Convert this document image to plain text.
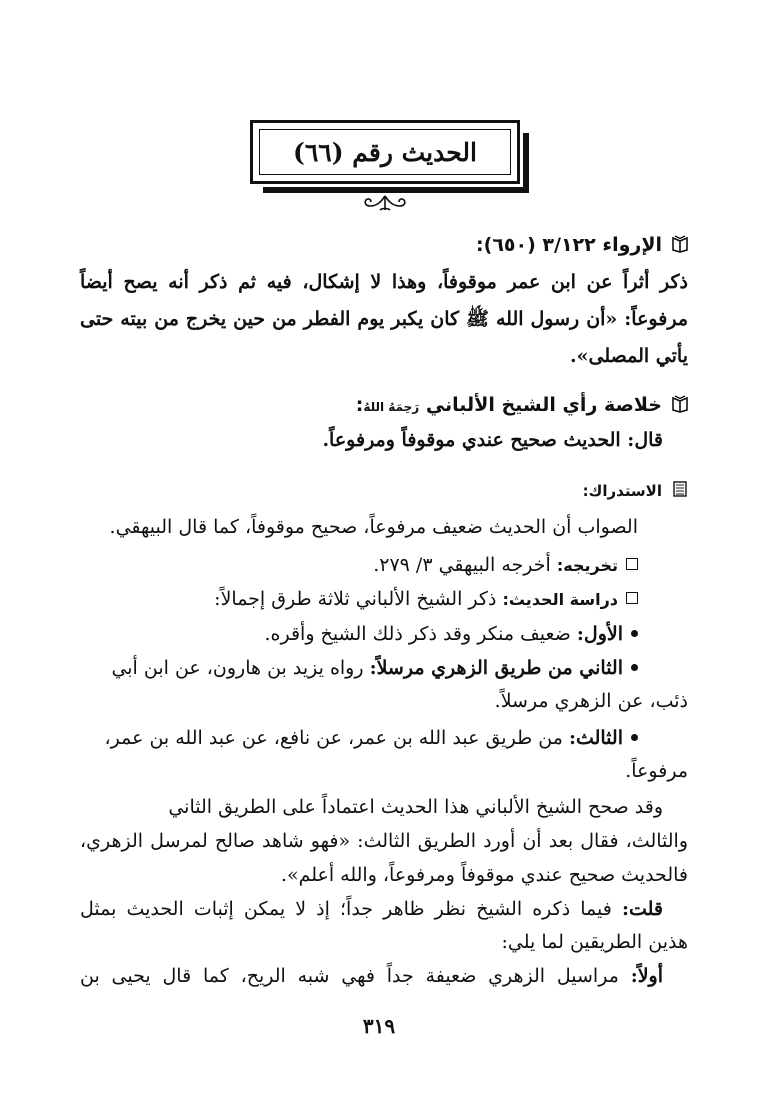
الحديث رقم (٦٦)
الإرواء ٣/١٢٢ (٦٥٠):
ذكر أثراً عن ابن عمر موقوفاً، وهذا لا إشكال، فيه ثم ذكر أنه يصح أيضاً
مرفوعاً: «أن رسول الله ﷺ كان يكبر يوم الفطر من حين يخرج من بيته حتى
يأتي المصلى».
خلاصة رأي الشيخ الألباني رَحِمَهُ اللهُ:
قال: الحديث صحيح عندي موقوفاً ومرفوعاً.
الاستدراك:
الصواب أن الحديث ضعيف مرفوعاً، صحيح موقوفاً، كما قال البيهقي.
تخريجه: أخرجه البيهقي ٣/ ٢٧٩.
دراسة الحديث: ذكر الشيخ الألباني ثلاثة طرق إجمالاً:
الأول: ضعيف منكر وقد ذكر ذلك الشيخ وأقره.
الثاني من طريق الزهري مرسلاً: رواه يزيد بن هارون، عن ابن أبي
ذئب، عن الزهري مرسلاً.
الثالث: من طريق عبد الله بن عمر، عن نافع، عن عبد الله بن عمر،
مرفوعاً.
وقد صحح الشيخ الألباني هذا الحديث اعتماداً على الطريق الثاني
والثالث، فقال بعد أن أورد الطريق الثالث: «فهو شاهد صالح لمرسل الزهري،
فالحديث صحيح عندي موقوفاً ومرفوعاً، والله أعلم».
قلت: فيما ذكره الشيخ نظر ظاهر جداً؛ إذ لا يمكن إثبات الحديث بمثل
هذين الطريقين لما يلي:
أولاً: مراسيل الزهري ضعيفة جداً فهي شبه الريح، كما قال يحيى بن
٣١٩
